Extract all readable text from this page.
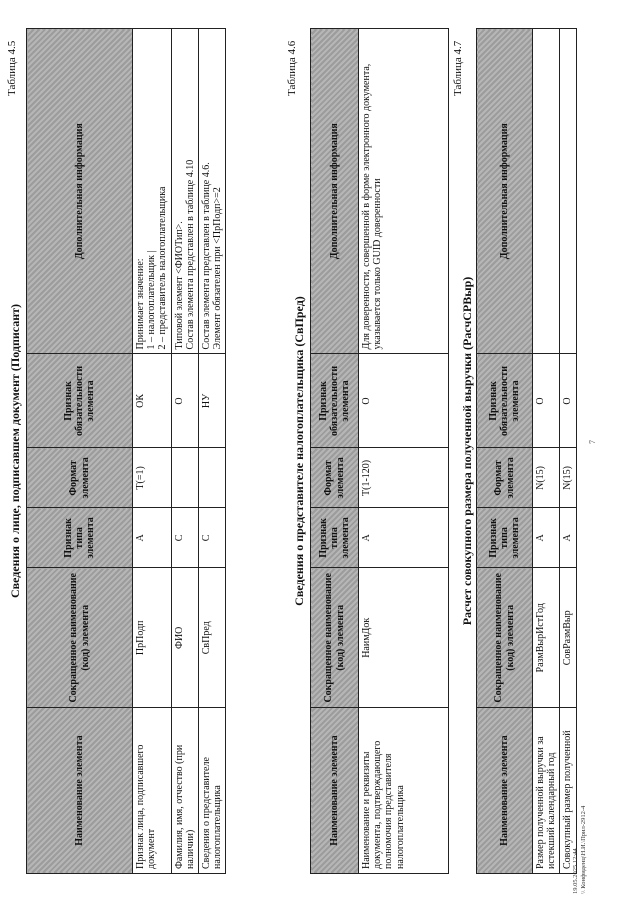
7
Таблица 4.5
Сведения о лице, подписавшем документ (Подписант)
Наименование элемента	Сокращенное наименование (код) элемента	Признак типа элемента	Формат элемента	Признак обязательности элемента	Дополнительная информация
Признак лица, подписавшего документ	ПрПодп	А	Т(=1)	ОК	Принимает значение: 1 – налогоплательщик | 2 – представитель налогоплательщика

Фамилия, имя, отчество (при наличии)	ФИО	С		О	Типовой элемент <ФИОТип>. Состав элемента представлен в таблице 4.10

Сведения о представителе налогоплательщика	СвПред	С		НУ	Состав элемента представлен в таблице 4.6. Элемент обязателен при <ПрПодп>=2
Таблица 4.6
Сведения о представителе налогоплательщика (СвПред)
Наименование элемента	Сокращенное наименование (код) элемента	Признак типа элемента	Формат элемента	Признак обязательности элемента	Дополнительная информация
Наименование и реквизиты документа, подтверждающего полномочия представителя налогоплательщика	НаимДок	А	Т(1-120)	О	Для доверенности, совершенной в форме электронного документа, указывается только GUID доверенности
Таблица 4.7
Расчет совокупного размера полученной выручки (РасчСРВыр)
Наименование элемента	Сокращенное наименование (код) элемента	Признак типа элемента	Формат элемента	Признак обязательности элемента	Дополнительная информация
Размер полученной выручки за истекший календарный год	РазмВырИстГод	А	N(15)	О	
Совокупный размер полученной	СовРазмВыр	А	N(15)	О	
19.05.2025 12:44 \\ Конфиденц\Н.И.\Прил-2912-4
